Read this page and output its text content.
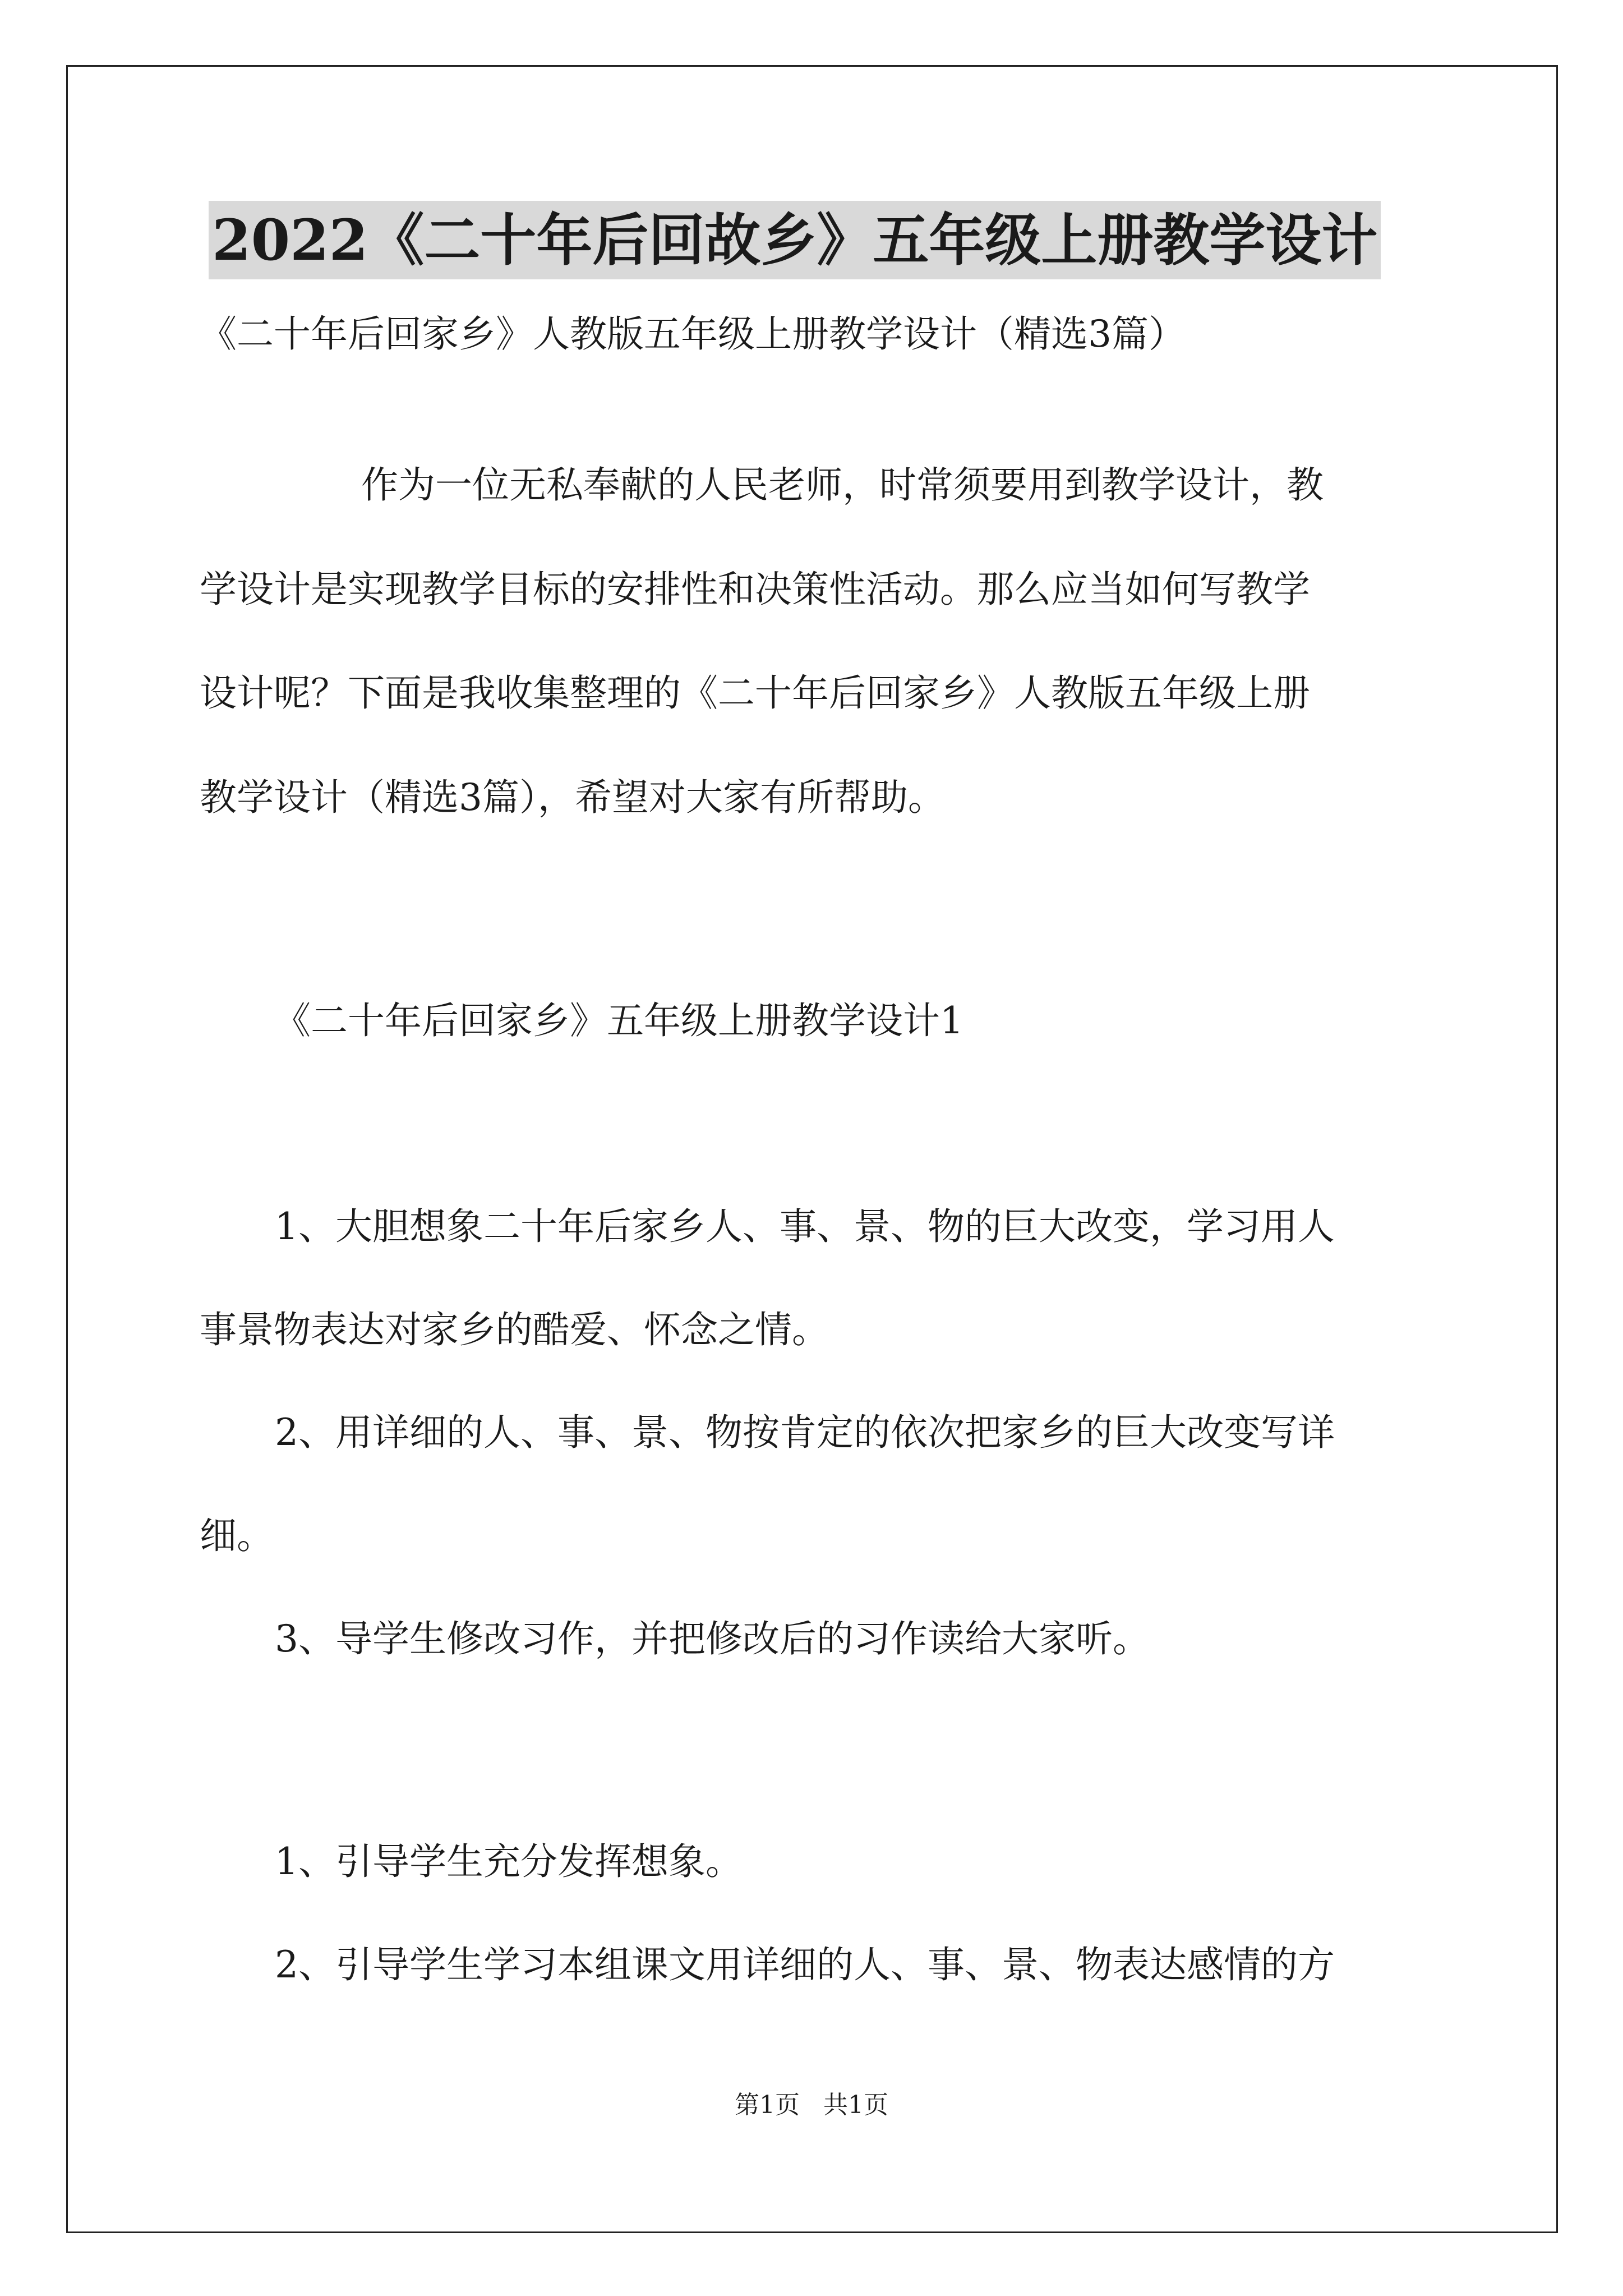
2022《二十年后回故乡》五年级上册教学设计
《二十年后回家乡》人教版五年级上册教学设计（精选3篇）
作为一位无私奉献的人民老师，时常须要用到教学设计，教
学设计是实现教学目标的安排性和决策性活动。那么应当如何写教学
设计呢？下面是我收集整理的《二十年后回家乡》人教版五年级上册
教学设计（精选3篇），希望对大家有所帮助。
《二十年后回家乡》五年级上册教学设计1
1、大胆想象二十年后家乡人、事、景、物的巨大改变，学习用人
事景物表达对家乡的酷爱、怀念之情。
2、用详细的人、事、景、物按肯定的依次把家乡的巨大改变写详
细。
3、导学生修改习作，并把修改后的习作读给大家听。
1、引导学生充分发挥想象。
2、引导学生学习本组课文用详细的人、事、景、物表达感情的方
第1页   共1页
